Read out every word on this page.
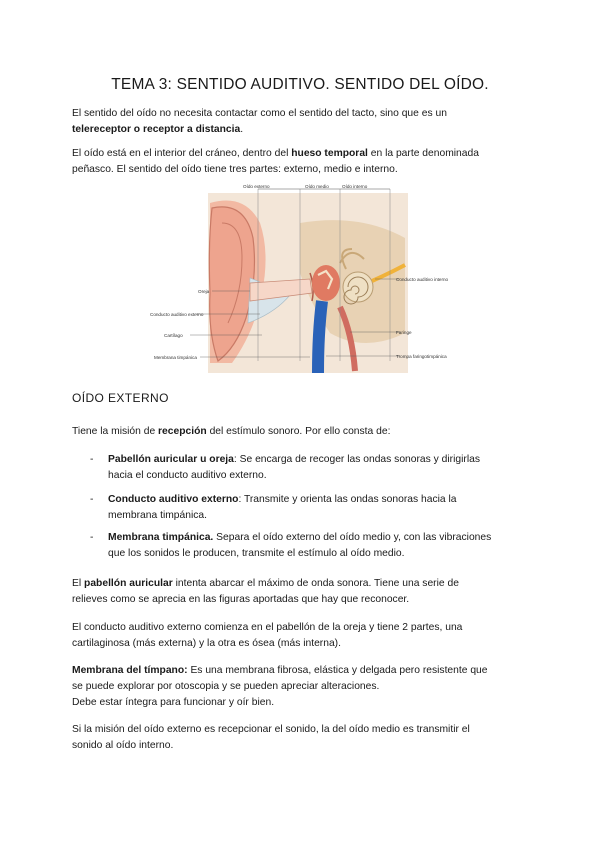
TEMA 3: SENTIDO AUDITIVO. SENTIDO DEL OÍDO.

El sentido del oído no necesita contactar como el sentido del tacto, sino que es un
telereceptor o receptor a distancia.

El oído está en el interior del cráneo, dentro del hueso temporal en la parte denominada
peñasco. El sentido del oído tiene tres partes: externo, medio e interno.

Oído externo	Oído medio	Oído interno
Oreja
Conducto auditivo externo
Cartílago
Membrana timpánica
Conducto auditivo interno
Faringe
Trompa faringotimpánica
OÍDO EXTERNO

Tiene la misión de recepción del estímulo sonoro. Por ello consta de:

- Pabellón auricular u oreja: Se encarga de recoger las ondas sonoras y dirigirlas
hacia el conducto auditivo externo.
- Conducto auditivo externo: Transmite y orienta las ondas sonoras hacia la
membrana timpánica.
- Membrana timpánica. Separa el oído externo del oído medio y, con las vibraciones
que los sonidos le producen, transmite el estímulo al oído medio.

El pabellón auricular intenta abarcar el máximo de onda sonora. Tiene una serie de
relieves como se aprecia en las figuras aportadas que hay que reconocer.

El conducto auditivo externo comienza en el pabellón de la oreja y tiene 2 partes, una
cartilaginosa (más externa) y la otra es ósea (más interna).

Membrana del tímpano: Es una membrana fibrosa, elástica y delgada pero resistente que
se puede explorar por otoscopia y se pueden apreciar alteraciones.
Debe estar íntegra para funcionar y oír bien.

Si la misión del oído externo es recepcionar el sonido, la del oído medio es transmitir el
sonido al oído interno.
